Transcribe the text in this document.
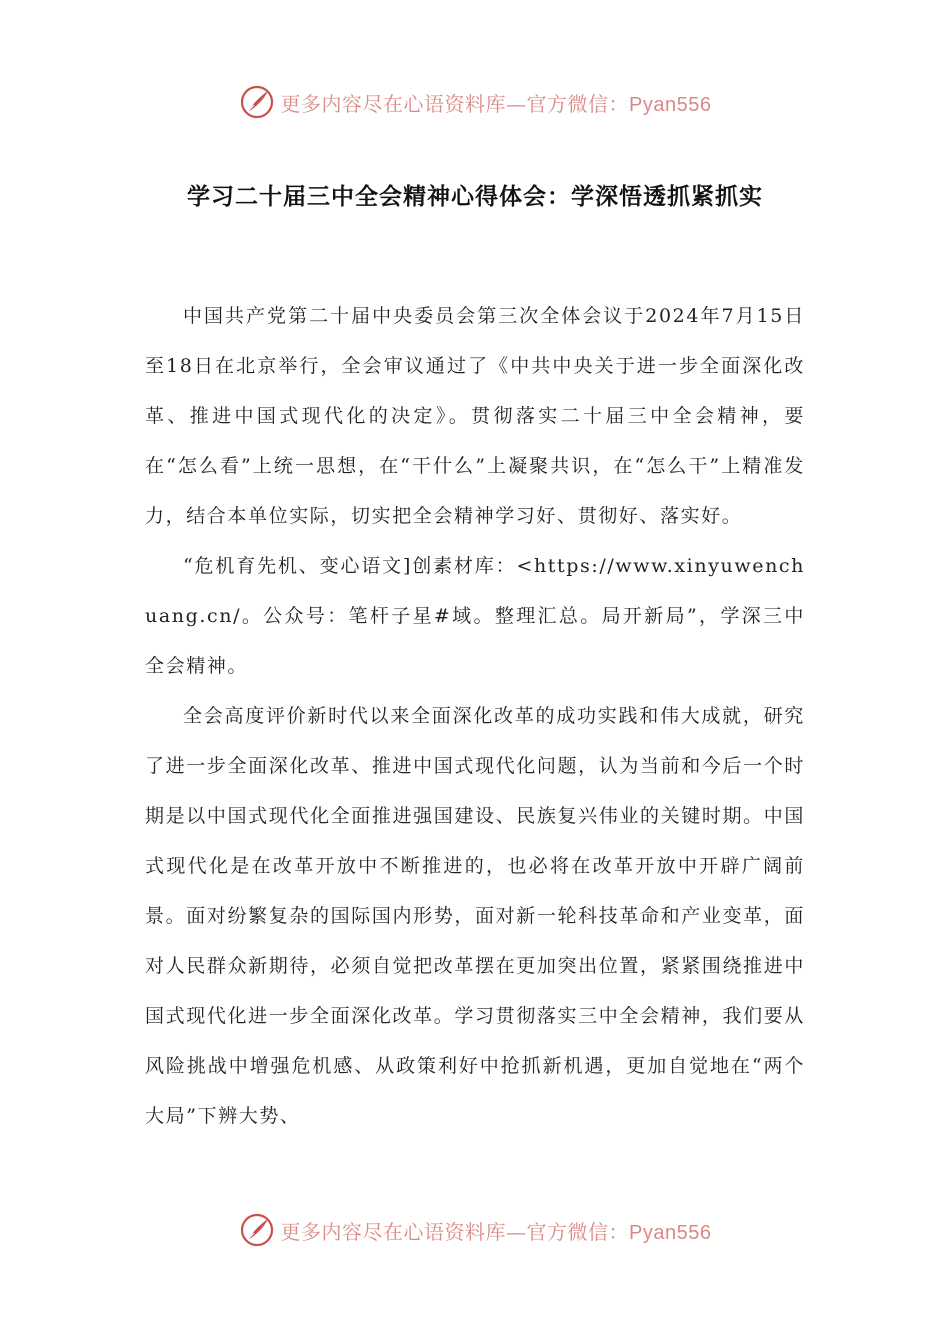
更多内容尽在心语资料库—官方微信：Pyan556
学习二十届三中全会精神心得体会：学深悟透抓紧抓实

中国共产党第二十届中央委员会第三次全体会议于2024年7月15日至18日在北京举行，全会审议通过了《中共中央关于进一步全面深化改革、推进中国式现代化的决定》。贯彻落实二十届三中全会精神，要在“怎么看”上统一思想，在“干什么”上凝聚共识，在“怎么干”上精准发力，结合本单位实际，切实把全会精神学习好、贯彻好、落实好。

“危机育先机、变心语文]创素材库：<https://www.xinyuwenchuang.cn/。公众号：笔杆子星#域。整理汇总。局开新局”，学深三中全会精神。

全会高度评价新时代以来全面深化改革的成功实践和伟大成就，研究了进一步全面深化改革、推进中国式现代化问题，认为当前和今后一个时期是以中国式现代化全面推进强国建设、民族复兴伟业的关键时期。中国式现代化是在改革开放中不断推进的，也必将在改革开放中开辟广阔前景。面对纷繁复杂的国际国内形势，面对新一轮科技革命和产业变革，面对人民群众新期待，必须自觉把改革摆在更加突出位置，紧紧围绕推进中国式现代化进一步全面深化改革。学习贯彻落实三中全会精神，我们要从风险挑战中增强危机感、从政策利好中抢抓新机遇，更加自觉地在“两个大局”下辨大势、

更多内容尽在心语资料库—官方微信：Pyan556
